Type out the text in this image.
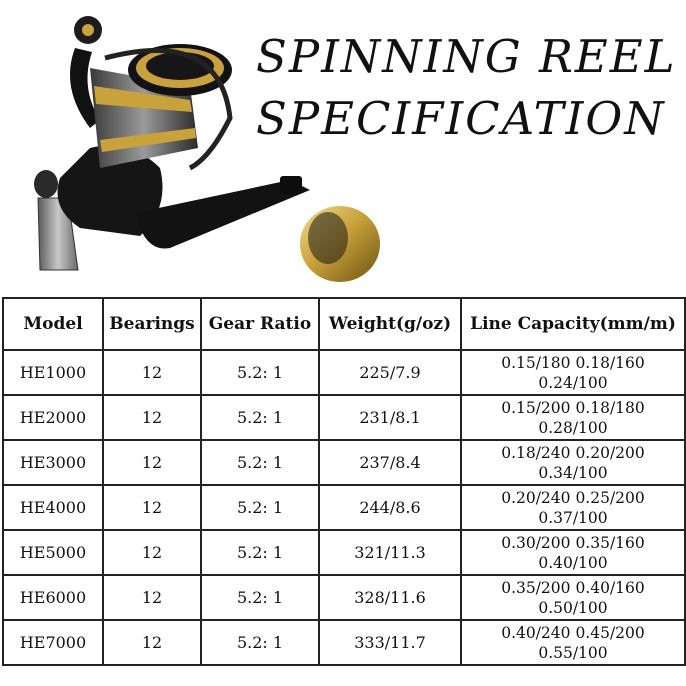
SPINNING REEL
SPECIFICATION
Model	Bearings	Gear Ratio	Weight(g/oz)	Line Capacity(mm/m)
HE1000	12	5.2: 1	225/7.9	0.15/180 0.18/160
0.24/100

HE2000	12	5.2: 1	231/8.1	0.15/200 0.18/180
0.28/100

HE3000	12	5.2: 1	237/8.4	0.18/240 0.20/200
0.34/100

HE4000	12	5.2: 1	244/8.6	0.20/240 0.25/200
0.37/100

HE5000	12	5.2: 1	321/11.3	0.30/200 0.35/160
0.40/100

HE6000	12	5.2: 1	328/11.6	0.35/200 0.40/160
0.50/100

HE7000	12	5.2: 1	333/11.7	0.40/240 0.45/200
0.55/100
